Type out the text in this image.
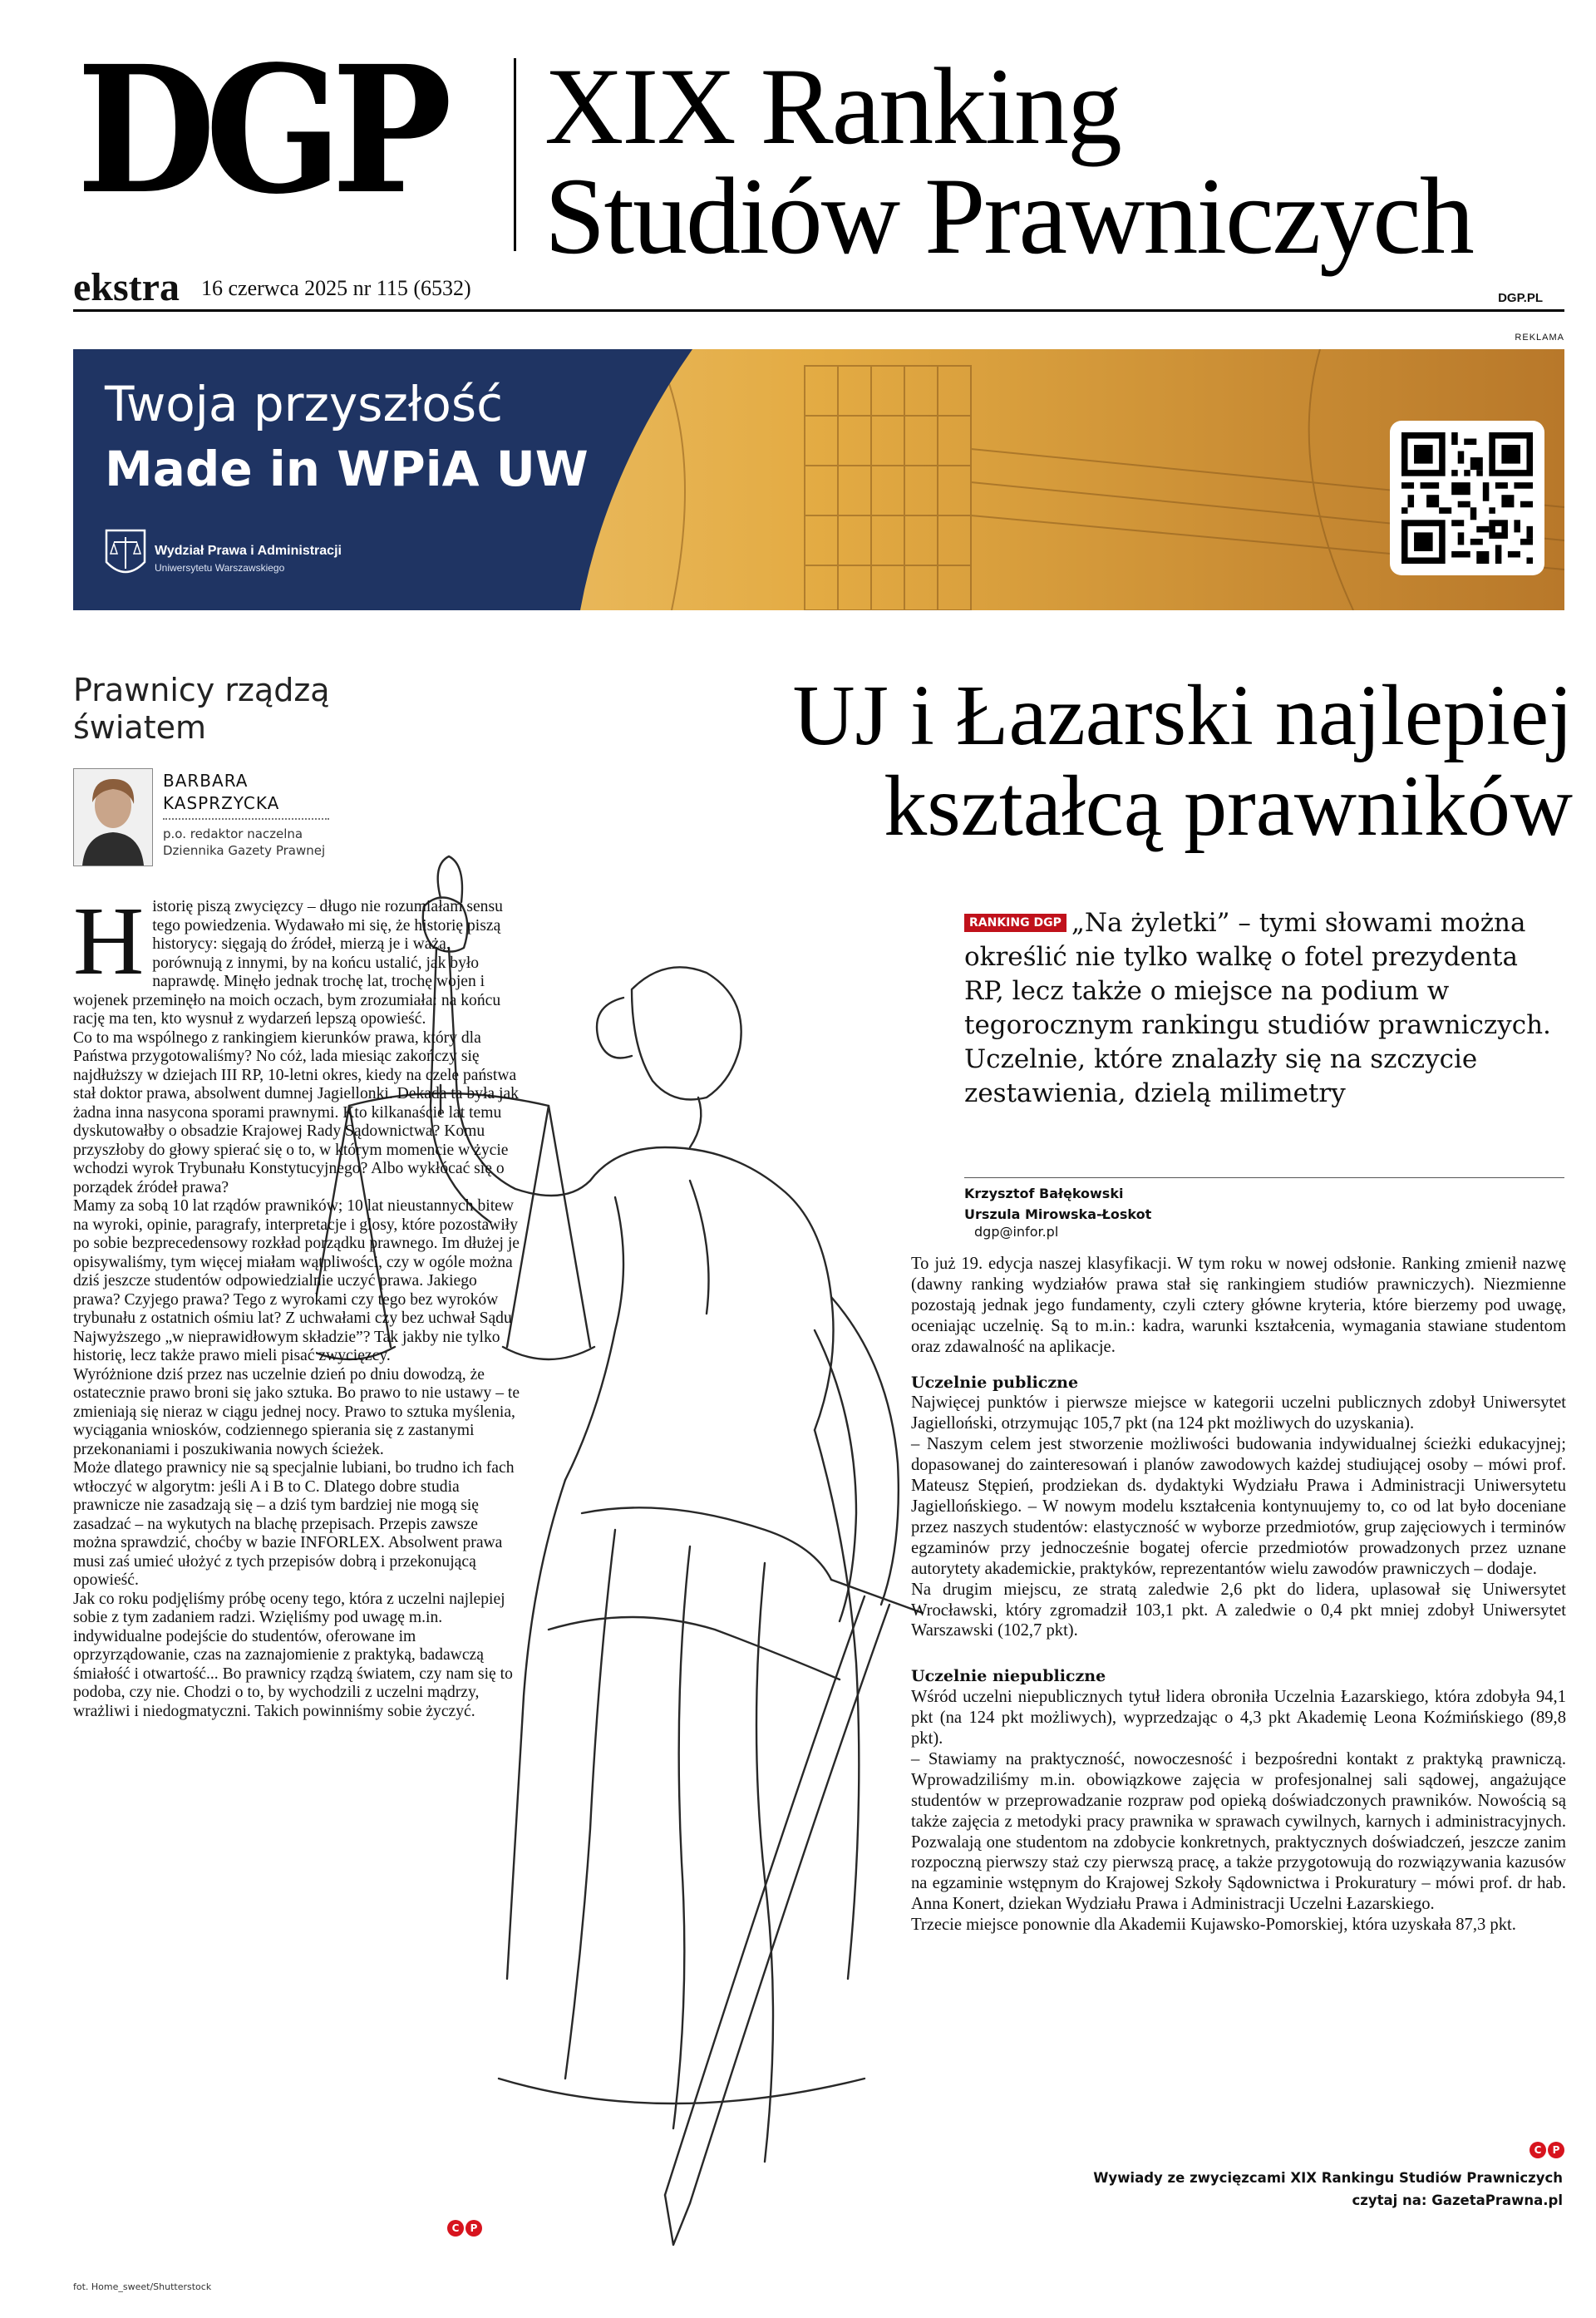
DGP XIX Ranking
Studiów Prawniczych
ekstra 16 czerwca 2025 nr 115 (6532)	DGP.PL
REKLAMA
Twoja przyszłość
Made in WPiA UW
Wydział Prawa i Administracji
Uniwersytetu Warszawskiego
Prawnicy rządzą
światem
BARBARA
KASPRZYCKA
p.o. redaktor naczelna
Dziennika Gazety Prawnej
H istorię piszą zwycięzcy – długo nie rozumiałam sensu tego powiedzenia. Wydawało mi się, że historię piszą historycy: sięgają do źródeł, mierzą je i ważą, porównują z innymi, by na końcu ustalić, jak było naprawdę. Minęło jednak trochę lat, trochę wojen i wojenek przeminęło na moich oczach, bym zrozumiała: na końcu rację ma ten, kto wysnuł z wydarzeń lepszą opowieść.
Co to ma wspólnego z rankingiem kierunków prawa, który dla Państwa przygotowaliśmy? No cóż, lada miesiąc zakończy się najdłuższy w dziejach III RP, 10-letni okres, kiedy na czele państwa stał doktor prawa, absolwent dumnej Jagiellonki. Dekada ta była jak żadna inna nasycona sporami prawnymi. Kto kilkanaście lat temu dyskutowałby o obsadzie Krajowej Rady Sądownictwa? Komu przyszłoby do głowy spierać się o to, w którym momencie w życie wchodzi wyrok Trybunału Konstytucyjnego? Albo wykłócać się o porządek źródeł prawa?
Mamy za sobą 10 lat rządów prawników; 10 lat nieustannych bitew na wyroki, opinie, paragrafy, interpretacje i glosy, które pozostawiły po sobie bezprecedensowy rozkład porządku prawnego. Im dłużej je opisywaliśmy, tym więcej miałam wątpliwości, czy w ogóle można dziś jeszcze studentów odpowiedzialnie uczyć prawa. Jakiego prawa? Czyjego prawa? Tego z wyrokami czy tego bez wyroków trybunału z ostatnich ośmiu lat? Z uchwałami czy bez uchwał Sądu Najwyższego „w nieprawidłowym składzie”? Tak jakby nie tylko historię, lecz także prawo mieli pisać zwycięzcy.
Wyróżnione dziś przez nas uczelnie dzień po dniu dowodzą, że ostatecznie prawo broni się jako sztuka. Bo prawo to nie ustawy – te zmieniają się nieraz w ciągu jednej nocy. Prawo to sztuka myślenia, wyciągania wniosków, codziennego spierania się z zastanymi przekonaniami i poszukiwania nowych ścieżek.
Może dlatego prawnicy nie są specjalnie lubiani, bo trudno ich fach wtłoczyć w algorytm: jeśli A i B to C. Dlatego dobre studia prawnicze nie zasadzają się – a dziś tym bardziej nie mogą się zasadzać – na wykutych na blachę przepisach. Przepis zawsze można sprawdzić, choćby w bazie INFORLEX. Absolwent prawa musi zaś umieć ułożyć z tych przepisów dobrą i przekonującą opowieść.
Jak co roku podjęliśmy próbę oceny tego, która z uczelni najlepiej sobie z tym zadaniem radzi. Wzięliśmy pod uwagę m.in. indywidualne podejście do studentów, oferowane im oprzyrządowanie, czas na zaznajomienie z praktyką, badawczą śmiałość i otwartość... Bo prawnicy rządzą światem, czy nam się to podoba, czy nie. Chodzi o to, by wychodzili z uczelni mądrzy, wrażliwi i niedogmatyczni. Takich powinniśmy sobie życzyć.
C	P
UJ i Łazarski najlepiej
kształcą prawników
RANKING DGP „Na żyletki” – tymi słowami można określić nie tylko walkę o fotel prezydenta RP, lecz także o miejsce na podium w tegorocznym rankingu studiów prawniczych. Uczelnie, które znalazły się na szczycie zestawienia, dzielą milimetry
Krzysztof Bałękowski
Urszula Mirowska-Łoskot
dgp@infor.pl
To już 19. edycja naszej klasyfikacji. W tym roku w nowej odsłonie. Ranking zmienił nazwę (dawny ranking wydziałów prawa stał się rankingiem studiów prawniczych). Niezmienne pozostają jednak jego fundamenty, czyli cztery główne kryteria, które bierzemy pod uwagę, oceniając uczelnię. Są to m.in.: kadra, warunki kształcenia, wymagania stawiane studentom oraz zdawalność na aplikacje.
Uczelnie publiczne
Najwięcej punktów i pierwsze miejsce w kategorii uczelni publicznych zdobył Uniwersytet Jagielloński, otrzymując 105,7 pkt (na 124 pkt możliwych do uzyskania).
– Naszym celem jest stworzenie możliwości budowania indywidualnej ścieżki edukacyjnej; dopasowanej do zainteresowań i planów zawodowych każdej studiującej osoby – mówi prof. Mateusz Stępień, prodziekan ds. dydaktyki Wydziału Prawa i Administracji Uniwersytetu Jagiellońskiego. – W nowym modelu kształcenia kontynuujemy to, co od lat było doceniane przez naszych studentów: elastyczność w wyborze przedmiotów, grup zajęciowych i terminów egzaminów przy jednocześnie bogatej ofercie przedmiotów prowadzonych przez uznane autorytety akademickie, praktyków, reprezentantów wielu zawodów prawniczych – dodaje.
Na drugim miejscu, ze stratą zaledwie 2,6 pkt do lidera, uplasował się Uniwersytet Wrocławski, który zgromadził 103,1 pkt. A zaledwie o 0,4 pkt mniej zdobył Uniwersytet Warszawski (102,7 pkt).
Uczelnie niepubliczne
Wśród uczelni niepublicznych tytuł lidera obroniła Uczelnia Łazarskiego, która zdobyła 94,1 pkt (na 124 pkt możliwych), wyprzedzając o 4,3 pkt Akademię Leona Koźmińskiego (89,8 pkt).
– Stawiamy na praktyczność, nowoczesność i bezpośredni kontakt z praktyką prawniczą. Wprowadziliśmy m.in. obowiązkowe zajęcia w profesjonalnej sali sądowej, angażujące studentów w przeprowadzanie rozpraw pod opieką doświadczonych prawników. Nowością są także zajęcia z metodyki pracy prawnika w sprawach cywilnych, karnych i administracyjnych. Pozwalają one studentom na zdobycie konkretnych, praktycznych doświadczeń, jeszcze zanim rozpoczną pierwszy staż czy pierwszą pracę, a także przygotowują do rozwiązywania kazusów na egzaminie wstępnym do Krajowej Szkoły Sądownictwa i Prokuratury – mówi prof. dr hab. Anna Konert, dziekan Wydziału Prawa i Administracji Uczelni Łazarskiego.
Trzecie miejsce ponownie dla Akademii Kujawsko-Pomorskiej, która uzyskała 87,3 pkt.
C	P
Wywiady ze zwycięzcami XIX Rankingu Studiów Prawniczych
czytaj na: GazetaPrawna.pl
fot. Home_sweet/Shutterstock
